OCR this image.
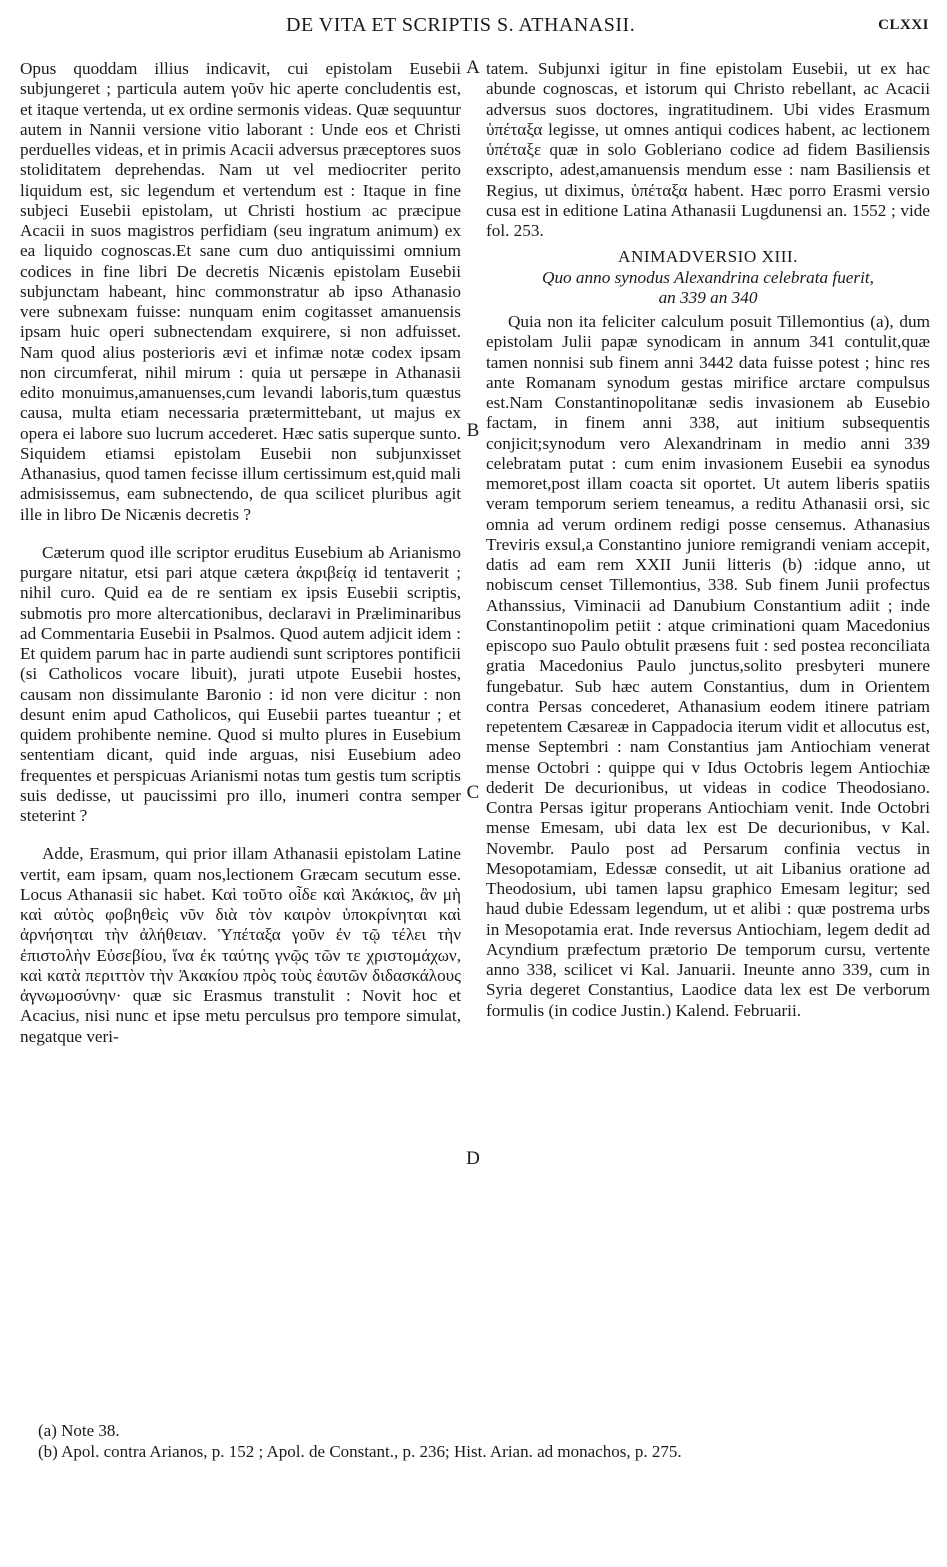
DE VITA ET SCRIPTIS S. ATHANASII.	CLXXI
A
B
C
D

Opus quoddam illius indicavit, cui epistolam Eusebii subjungeret ; particula autem γοῦν hic aperte concludentis est, et itaque vertenda, ut ex ordine sermonis videas. Quæ sequuntur autem in Nannii versione vitio laborant : Unde eos et Christi perduelles videas, et in primis Acacii adversus præceptores suos stoliditatem deprehendas. Nam ut vel mediocriter perito liquidum est, sic legendum et vertendum est : Itaque in fine subjeci Eusebii epistolam, ut Christi hostium ac præcipue Acacii in suos magistros perfidiam (seu ingratum animum) ex ea liquido cognoscas.Et sane cum duo antiquissimi omnium codices in fine libri De decretis Nicænis epistolam Eusebii subjunctam habeant, hinc commonstratur ab ipso Athanasio vere subnexam fuisse: nunquam enim cogitasset amanuensis ipsam huic operi subnectendam exquirere, si non adfuisset. Nam quod alius posterioris ævi et infimæ notæ codex ipsam non circumferat, nihil mirum : quia ut persæpe in Athanasii edito monuimus,amanuenses,cum levandi laboris,tum quæstus causa, multa etiam necessaria prætermittebant, ut majus ex opera ei labore suo lucrum accederet. Hæc satis superque sunto. Siquidem etiamsi epistolam Eusebii non subjunxisset Athanasius, quod tamen fecisse illum certissimum est,quid mali admisissemus, eam subnectendo, de qua scilicet pluribus agit ille in libro De Nicænis decretis ?

Cæterum quod ille scriptor eruditus Eusebium ab Arianismo purgare nitatur, etsi pari atque cætera ἀκριβείᾳ id tentaverit ; nihil curo. Quid ea de re sentiam ex ipsis Eusebii scriptis, submotis pro more altercationibus, declaravi in Præliminaribus ad Commentaria Eusebii in Psalmos. Quod autem adjicit idem : Et quidem parum hac in parte audiendi sunt scriptores pontificii (si Catholicos vocare libuit), jurati utpote Eusebii hostes, causam non dissimulante Baronio : id non vere dicitur : non desunt enim apud Catholicos, qui Eusebii partes tueantur ; et quidem prohibente nemine. Quod si multo plures in Eusebium sententiam dicant, quid inde arguas, nisi Eusebium adeo frequentes et perspicuas Arianismi notas tum gestis tum scriptis suis dedisse, ut paucissimi pro illo, inumeri contra semper steterint ?

Adde, Erasmum, qui prior illam Athanasii epistolam Latine vertit, eam ipsam, quam nos,lectionem Græcam secutum esse. Locus Athanasii sic habet. Καὶ τοῦτο οἶδε καὶ Ἀκάκιος, ἂν μὴ καὶ αὐτὸς φοβηθεὶς νῦν διὰ τὸν καιρὸν ὑποκρίνηται καὶ ἀρνήσηται τὴν ἀλήθειαν. Ὑπέταξα γοῦν ἐν τῷ τέλει τὴν ἐπιστολὴν Εὐσεβίου, ἵνα ἐκ ταύτης γνῷς τῶν τε χριστομάχων, καὶ κατὰ περιττὸν τὴν Ἀκακίου πρὸς τοὺς ἑαυτῶν διδασκάλους ἀγνωμοσύνην· quæ sic Erasmus transtulit : Novit hoc et Acacius, nisi nunc et ipse metu perculsus pro tempore simulat, negatque veri-

tatem. Subjunxi igitur in fine epistolam Eusebii, ut ex hac abunde cognoscas, et istorum qui Christo rebellant, ac Acacii adversus suos doctores, ingratitudinem. Ubi vides Erasmum ὑπέταξα legisse, ut omnes antiqui codices habent, ac lectionem ὑπέταξε quæ in solo Gobleriano codice ad fidem Basiliensis exscripto, adest,amanuensis mendum esse : nam Basiliensis et Regius, ut diximus, ὑπέταξα habent. Hæc porro Erasmi versio cusa est in editione Latina Athanasii Lugdunensi an. 1552 ; vide fol. 253.

ANIMADVERSIO XIII.

Quo anno synodus Alexandrina celebrata fuerit,

an 339 an 340

Quia non ita feliciter calculum posuit Tillemontius (a), dum epistolam Julii papæ synodicam in annum 341 contulit,quæ tamen nonnisi sub finem anni 3442 data fuisse potest ; hinc res ante Romanam synodum gestas mirifice arctare compulsus est.Nam Constantinopolitanæ sedis invasionem ab Eusebio factam, in finem anni 338, aut initium subsequentis conjicit;synodum vero Alexandrinam in medio anni 339 celebratam putat : cum enim invasionem Eusebii ea synodus memoret,post illam coacta sit oportet. Ut autem liberis spatiis veram temporum seriem teneamus, a reditu Athanasii orsi, sic omnia ad verum ordinem redigi posse censemus. Athanasius Treviris exsul,a Constantino juniore remigrandi veniam accepit, datis ad eam rem XXII Junii litteris (b) :idque anno, ut nobiscum censet Tillemontius, 338. Sub finem Junii profectus Athanssius, Viminacii ad Danubium Constantium adiit ; inde Constantinopolim petiit : atque criminationi quam Macedonius episcopo suo Paulo obtulit præsens fuit : sed postea reconciliata gratia Macedonius Paulo junctus,solito presbyteri munere fungebatur. Sub hæc autem Constantius, dum in Orientem contra Persas concederet, Athanasium eodem itinere patriam repetentem Cæsareæ in Cappadocia iterum vidit et allocutus est, mense Septembri : nam Constantius jam Antiochiam venerat mense Octobri : quippe qui v Idus Octobris legem Antiochiæ dederit De decurionibus, ut videas in codice Theodosiano. Contra Persas igitur properans Antiochiam venit. Inde Octobri mense Emesam, ubi data lex est De decurionibus, v Kal. Novembr. Paulo post ad Persarum confinia vectus in Mesopotamiam, Edessæ consedit, ut ait Libanius oratione ad Theodosium, ubi tamen lapsu graphico Emesam legitur; sed haud dubie Edessam legendum, ut et alibi : quæ postrema urbs in Mesopotamia erat. Inde reversus Antiochiam, legem dedit ad Acyndium præfectum prætorio De temporum cursu, vertente anno 338, scilicet vi Kal. Januarii. Ineunte anno 339, cum in Syria degeret Constantius, Laodice data lex est De verborum formulis (in codice Justin.) Kalend. Februarii.

(a) Note 38.

(b) Apol. contra Arianos, p. 152 ; Apol. de Constant., p. 236; Hist. Arian. ad monachos, p. 275.
